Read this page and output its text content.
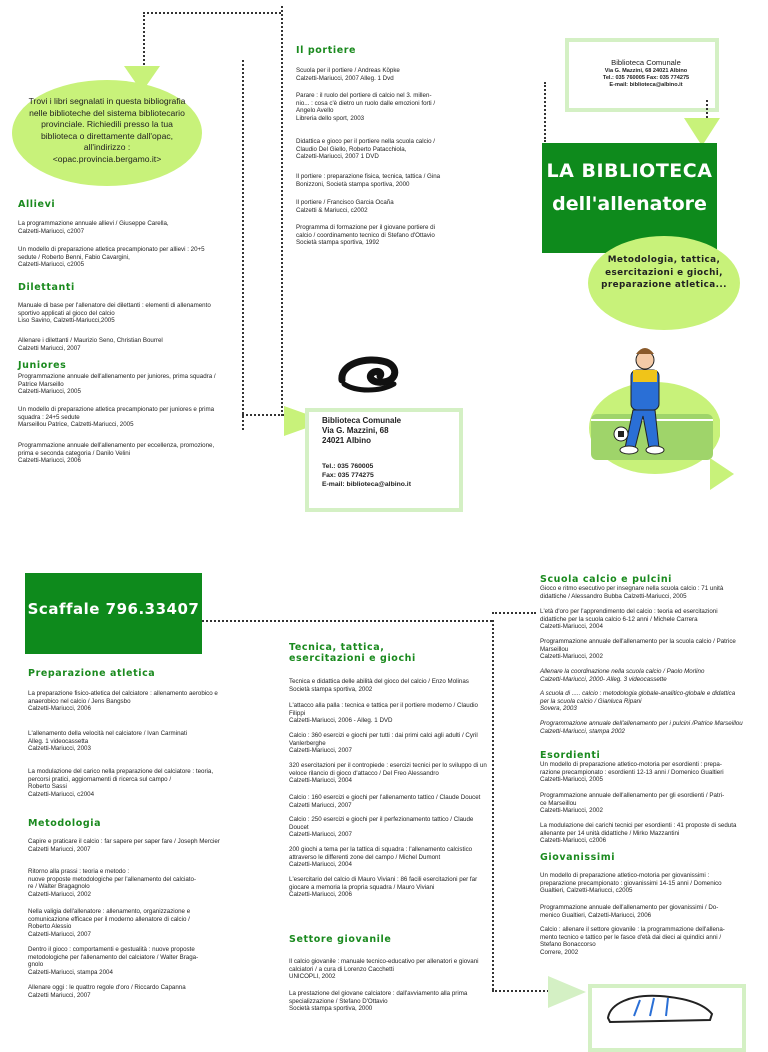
Trovi i libri segnalati in questa bibliografia nelle biblioteche del sistema bibliotecario provinciale. Richiedili presso la tua biblioteca o direttamente dall'opac, all'indirizzo :
<opac.provincia.bergamo.it>
Allievi
La programmazione annuale allievi / Giuseppe Carella,
Calzetti-Mariucci, c2007
Un modello di preparazione atletica precampionato per allievi : 20+5 sedute / Roberto Benni, Fabio Cavargini,
Calzetti-Mariucci, c2005
Dilettanti
Manuale di base per l'allenatore dei dilettanti : elementi di allenamento sportivo applicati al gioco del calcio
Liso Savino, Calzetti-Mariucci,2005
Allenare i dilettanti / Maurizio Seno, Christian Bourrel
Calzetti Mariucci, 2007
Juniores
Programmazione annuale dell'allenamento per juniores, prima squadra / Patrice Marseillo
Calzetti-Mariucci, 2005
Un modello di preparazione atletica precampionato per juniores e prima squadra : 24+5 sedute
Marseillou Patrice, Calzetti-Mariucci, 2005
Programmazione annuale dell'allenamento per eccellenza, promozione, prima e seconda categoria / Danilo Velini
Calzetti-Mariucci, 2006
Il portiere
Scuola per il portiere / Andreas Köpke
Calzetti-Mariucci, 2007 Alleg. 1 Dvd
Parare : il ruolo del portiere di calcio nel 3. millen-
nio... : cosa c'è dietro un ruolo dalle emozioni forti /
Angelo Avello
Libreria dello sport, 2003
Didattica e gioco per il portiere nella scuola calcio /
Claudio Del Giello, Roberto Patacchiola,
Calzetti-Mariucci, 2007 1 DVD
Il portiere : preparazione fisica, tecnica, tattica / Gina
Bonizzoni, Società stampa sportiva, 2000
Il portiere / Francisco Garcia Ocaña
Calzetti & Mariucci, c2002
Programma di formazione per il giovane portiere di
calcio / coordinamento tecnico di Stefano d'Ottavio
Società stampa sportiva, 1992
Biblioteca Comunale
Via G. Mazzini, 68
24021 Albino
Tel.: 035 760005
Fax: 035 774275
E-mail: biblioteca@albino.it
Biblioteca Comunale
Via G. Mazzini, 68 24021 Albino
Tel.: 035 760005 Fax: 035 774275
E-mail: biblioteca@albino.it
LA BIBLIOTECA
dell'allenatore
Metodologia, tattica, esercitazioni e giochi, preparazione atletica...
Scaffale 796.33407
Preparazione atletica
La preparazione fisico-atletica del calciatore : allenamento aerobico e anaerobico nel calcio / Jens Bangsbo
Calzetti-Mariucci, 2006
L'allenamento della velocità nel calciatore / Ivan Carminati
Alleg. 1 videocassetta
Calzetti-Mariucci, 2003
La modulazione del carico nella preparazione del calciatore : teoria, percorsi pratici, aggiornamenti di ricerca sul campo /
Roberto Sassi
Calzetti-Mariucci, c2004
Metodologia
Capire e praticare il calcio : far sapere per saper fare / Joseph Mercier
Calzetti Mariucci, 2007
Ritorno alla prassi : teoria e metodo :
nuove proposte metodologiche per l'allenamento del calciato-
re / Walter Bragagnolo
Calzetti-Mariucci, 2002
Nella valigia dell'allenatore : allenamento, organizzazione e comunicazione efficace per il moderno allenatore di calcio /
Roberto Alessio
Calzetti-Mariucci, 2007
Dentro il gioco : comportamenti e gestualità : nuove proposte metodologiche per l'allenamento del calciatore / Walter Braga-
gnolo
Calzetti-Mariucci, stampa 2004
Allenare oggi : le quattro regole d'oro / Riccardo Capanna
Calzetti Mariucci, 2007
Tecnica, tattica, esercitazioni e giochi
Tecnica e didattica delle abilità del gioco del calcio / Enzo Molinas
Società stampa sportiva, 2002
L'attacco alla palla : tecnica e tattica per il portiere moderno / Claudio Filippi
Calzetti-Mariucci, 2006 - Alleg. 1 DVD
Calcio : 360 esercizi e giochi per tutti : dai primi calci agli adulti / Cyril Vanlerberghe
Calzetti-Mariucci, 2007
320 esercitazioni per il contropiede : esercizi tecnici per lo sviluppo di un veloce rilancio di gioco d'attacco / Del Freo Alessandro
Calzetti-Mariucci, 2004
Calcio : 160 esercizi e giochi per l'allenamento tattico / Claude Doucet
Calzetti Mariucci, 2007
Calcio : 250 esercizi e giochi per il perfezionamento tattico / Claude Doucet
Calzetti-Mariucci, 2007
200 giochi a tema per la tattica di squadra : l'allenamento calcistico attraverso le differenti zone del campo / Michel Dumont
Calzetti-Mariucci, 2004
L'esercitario del calcio di Mauro Viviani : 86 facili esercitazioni per far giocare a memoria la propria squadra / Mauro Viviani
Calzetti-Mariucci, 2006
Settore giovanile
Il calcio giovanile : manuale tecnico-educativo per allenatori e giovani calciatori / a cura di Lorenzo Cacchetti
UNICOPLI, 2002
La prestazione del giovane calciatore : dall'avviamento alla prima specializzazione / Stefano D'Ottavio
Società stampa sportiva, 2000
Scuola calcio e pulcini
Gioco e ritmo esecutivo per insegnare nella scuola calcio : 71 unità didattiche / Alessandro Bubba Calzetti-Mariucci, 2005
L'età d'oro per l'apprendimento del calcio : teoria ed esercitazioni didattiche per la scuola calcio 6-12 anni / Michele Carrera
Calzetti-Mariucci, 2004
Programmazione annuale dell'allenamento per la scuola calcio / Patrice Marseillou
Calzetti-Mariucci, 2002
Allenare la coordinazione nella scuola calcio / Paolo Morlino
Calzetti-Mariucci, 2000- Alleg. 3 videocassette
A scuola di ..... calcio : metodologia globale-analitico-globale e didattica per la scuola calcio / Gianluca Ripani
Sovera, 2003
Programmazione annuale dell'allenamento per i pulcini /Patrice Marseillou
Calzetti-Mariucci, stampa 2002
Esordienti
Un modello di preparazione atletico-motoria per esordienti : prepa-
razione precampionato : esordienti 12-13 anni / Domenico Gualtieri
Calzetti-Mariucci, 2005
Programmazione annuale dell'allenamento per gli esordienti / Patri-
ce Marseillou
Calzetti-Mariucci, 2002
La modulazione dei carichi tecnici per esordienti : 41 proposte di seduta allenante per 14 unità didattiche / Mirko Mazzantini
Calzetti-Mariucci, c2006
Giovanissimi
Un modello di preparazione atletico-motoria per giovanissimi : preparazione precampionato : giovanissimi 14-15 anni / Domenico Gualtieri, Calzetti-Mariucci, c2005
Programmazione annuale dell'allenamento per giovanissimi / Do-
menico Gualtieri, Calzetti-Mariucci, 2006
Calcio : allenare il settore giovanile : la programmazione dell'allena-
mento tecnico e tattico per le fasce d'età dai dieci ai quindici anni /
Stefano Bonaccorso
Correre, 2002
